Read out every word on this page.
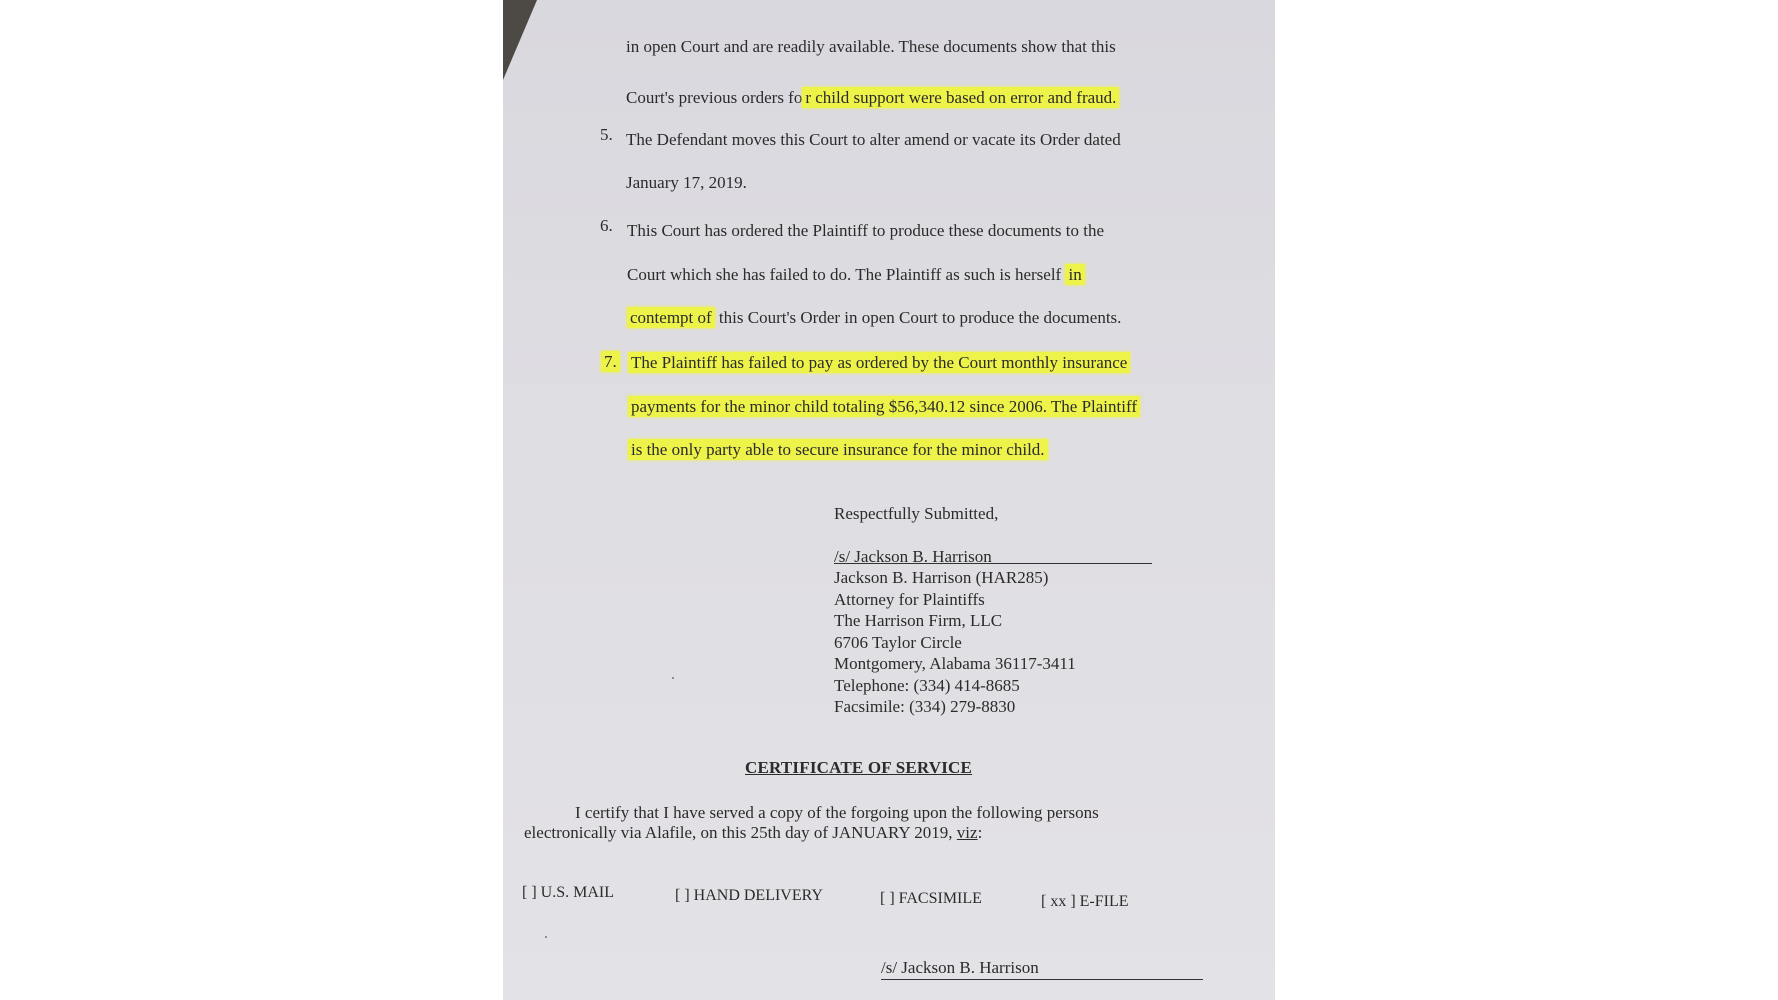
in open Court and are readily available. These documents show that this
Court's previous orders fo r child support were based on error and fraud.
5. The Defendant moves this Court to alter amend or vacate its Order dated
January 17, 2019.
6. This Court has ordered the Plaintiff to produce these documents to the
Court which she has failed to do. The Plaintiff as such is herself in
contempt of this Court's Order in open Court to produce the documents.
7. The Plaintiff has failed to pay as ordered by the Court monthly insurance
payments for the minor child totaling $56,340.12 since 2006. The Plaintiff
is the only party able to secure insurance for the minor child.
Respectfully Submitted,
/s/ Jackson B. Harrison
Jackson B. Harrison (HAR285)
Attorney for Plaintiffs
The Harrison Firm, LLC
6706 Taylor Circle
Montgomery, Alabama 36117-3411
Telephone: (334) 414-8685
Facsimile: (334) 279-8830
CERTIFICATE OF SERVICE
I certify that I have served a copy of the forgoing upon the following persons
electronically via Alafile, on this 25th day of JANUARY 2019, viz:
[ ] U.S. MAIL	[ ] HAND DELIVERY	[ ] FACSIMILE	[ xx ] E-FILE
/s/ Jackson B. Harrison
